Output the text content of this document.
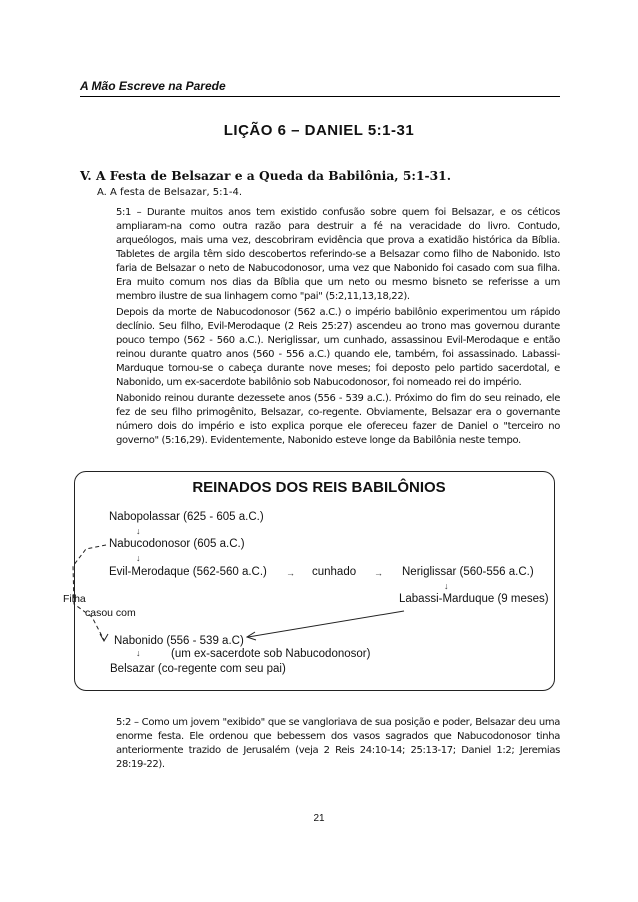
A Mão Escreve na Parede
LIÇÃO 6 – DANIEL 5:1-31
V. A Festa de Belsazar e a Queda da Babilônia, 5:1-31.
A. A festa de Belsazar, 5:1-4.

5:1 – Durante muitos anos tem existido confusão sobre quem foi Belsazar, e os céticos ampliaram-na como outra razão para destruir a fé na veracidade do livro. Contudo, arqueólogos, mais uma vez, descobriram evidência que prova a exatidão histórica da Bíblia. Tabletes de argila têm sido descobertos referindo-se a Belsazar como filho de Nabonido. Isto faria de Belsazar o neto de Nabucodonosor, uma vez que Nabonido foi casado com sua filha. Era muito comum nos dias da Bíblia que um neto ou mesmo bisneto se referisse a um membro ilustre de sua linhagem como "pai" (5:2,11,13,18,22).

Depois da morte de Nabucodonosor (562 a.C.) o império babilônio experimentou um rápido declínio. Seu filho, Evil-Merodaque (2 Reis 25:27) ascendeu ao trono mas governou durante pouco tempo (562 - 560 a.C.). Neriglissar, um cunhado, assassinou Evil-Merodaque e então reinou durante quatro anos (560 - 556 a.C.) quando ele, também, foi assassinado. Labassi-Marduque tornou-se o cabeça durante nove meses; foi deposto pelo partido sacerdotal, e Nabonido, um ex-sacerdote babilônio sob Nabucodonosor, foi nomeado rei do império.

Nabonido reinou durante dezessete anos (556 - 539 a.C.). Próximo do fim do seu reinado, ele fez de seu filho primogênito, Belsazar, co-regente. Obviamente, Belsazar era o governante número dois do império e isto explica porque ele ofereceu fazer de Daniel o "terceiro no governo" (5:16,29). Evidentemente, Nabonido esteve longe da Babilônia neste tempo.

REINADOS DOS REIS BABILÔNIOS
Nabopolassar (625 - 605 a.C.)
↓
Nabucodonosor (605 a.C.)
↓
Evil-Merodaque (562-560 a.C.) → cunhado → Neriglissar (560-556 a.C.)
↓
Labassi-Marduque (9 meses)
Filha
casou com
Nabonido (556 - 539 a.C)
↓	(um ex-sacerdote sob Nabucodonosor)
Belsazar (co-regente com seu pai)

5:2 – Como um jovem "exibido" que se vangloriava de sua posição e poder, Belsazar deu uma enorme festa. Ele ordenou que bebessem dos vasos sagrados que Nabucodonosor tinha anteriormente trazido de Jerusalém (veja 2 Reis 24:10-14; 25:13-17; Daniel 1:2; Jeremias 28:19-22).

21
